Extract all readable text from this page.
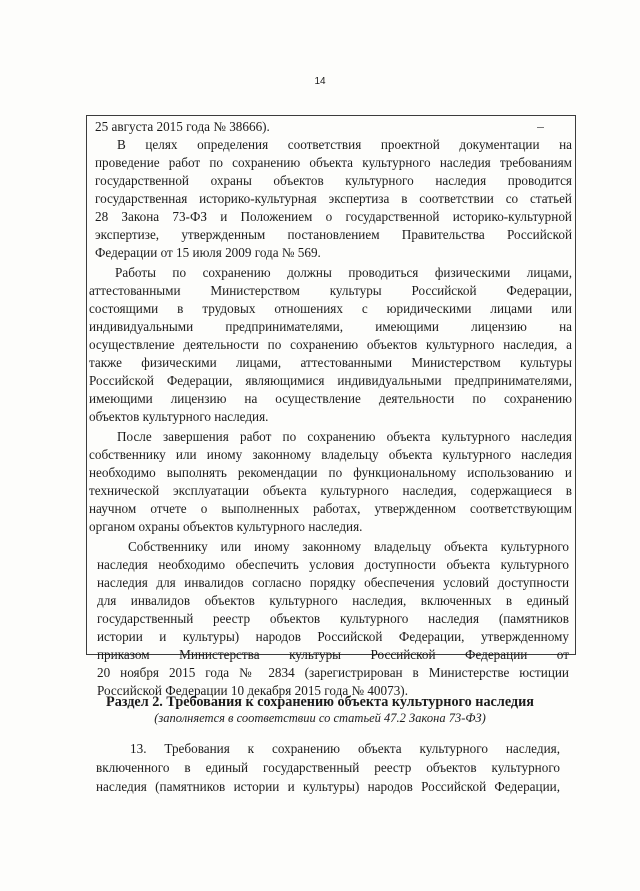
14
25 августа 2015 года № 38666).
В целях определения соответствия проектной документации на
проведение работ по сохранению объекта культурного наследия требованиям
государственной охраны объектов культурного наследия проводится
государственная историко-культурная экспертиза в соответствии со статьей
28 Закона 73-ФЗ и Положением о государственной историко-культурной
экспертизе, утвержденным постановлением Правительства Российской
Федерации от 15 июля 2009 года № 569.
Работы по сохранению должны проводиться физическими лицами,
аттестованными Министерством культуры Российской Федерации,
состоящими в трудовых отношениях с юридическими лицами или
индивидуальными предпринимателями, имеющими лицензию на
осуществление деятельности по сохранению объектов культурного наследия, а
также физическими лицами, аттестованными Министерством культуры
Российской Федерации, являющимися индивидуальными предпринимателями,
имеющими лицензию на осуществление деятельности по сохранению
объектов культурного наследия.
После завершения работ по сохранению объекта культурного наследия
собственнику или иному законному владельцу объекта культурного наследия
необходимо выполнять рекомендации по функциональному использованию и
технической эксплуатации объекта культурного наследия, содержащиеся в
научном отчете о выполненных работах, утвержденном соответствующим
органом охраны объектов культурного наследия.
Собственнику или иному законному владельцу объекта культурного
наследия необходимо обеспечить условия доступности объекта культурного
наследия для инвалидов согласно порядку обеспечения условий доступности
для инвалидов объектов культурного наследия, включенных в единый
государственный реестр объектов культурного наследия (памятников
истории и культуры) народов Российской Федерации, утвержденному
приказом Министерства культуры Российской Федерации от
20 ноября 2015 года № 2834 (зарегистрирован в Министерстве юстиции
Российской Федерации 10 декабря 2015 года № 40073).
Раздел 2. Требования к сохранению объекта культурного наследия
(заполняется в соответствии со статьей 47.2 Закона 73-ФЗ)
13. Требования к сохранению объекта культурного наследия,
включенного в единый государственный реестр объектов культурного
наследия (памятников истории и культуры) народов Российской Федерации,
